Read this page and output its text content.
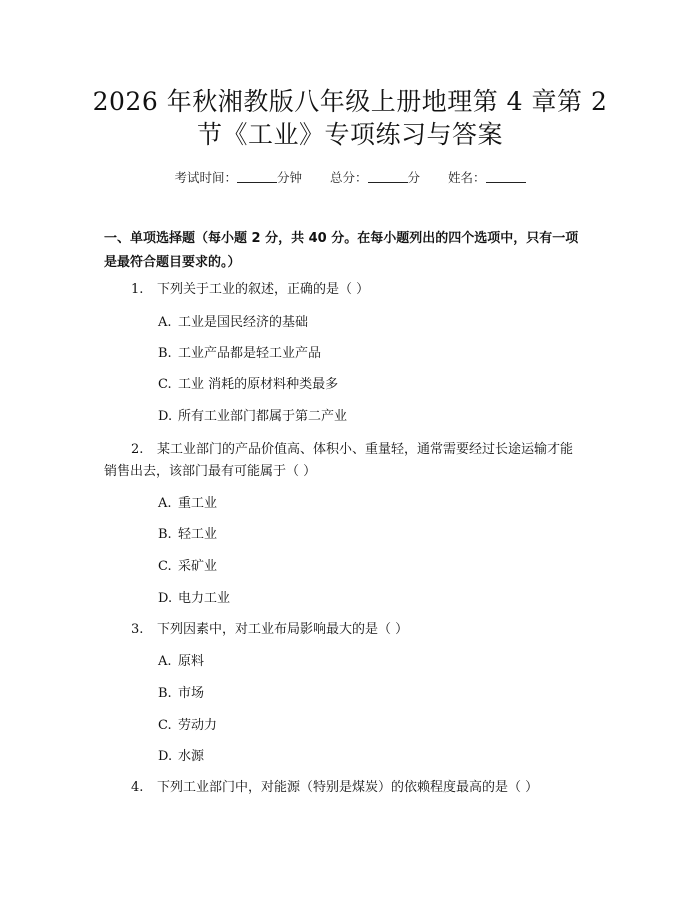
2026 年秋湘教版八年级上册地理第 4 章第 2
节《工业》专项练习与答案
考试时间：	分钟 总分：	分 姓名：
一、单项选择题（每小题 2 分，共 40 分。在每小题列出的四个选项中，只有一项
是最符合题目要求的。）
1. 下列关于工业的叙述，正确的是（ ）
A. 工业是国民经济的基础
B. 工业产品都是轻工业产品
C. 工业 消耗的原材料种类最多
D. 所有工业部门都属于第二产业
2. 某工业部门的产品价值高、体积小、重量轻，通常需要经过长途运输才能
销售出去，该部门最有可能属于（ ）
A. 重工业
B. 轻工业
C. 采矿业
D. 电力工业
3. 下列因素中，对工业布局影响最大的是（ ）
A. 原料
B. 市场
C. 劳动力
D. 水源
4. 下列工业部门中，对能源（特别是煤炭）的依赖程度最高的是（ ）
